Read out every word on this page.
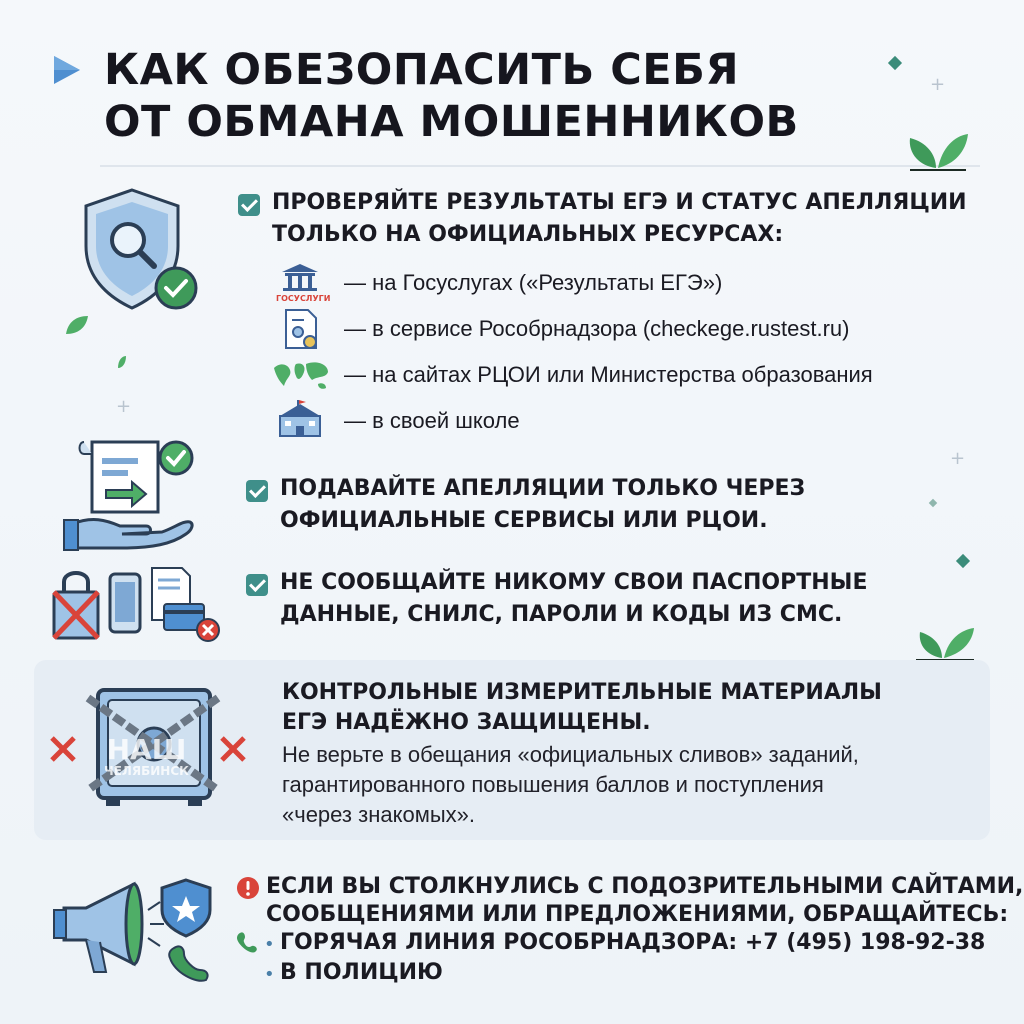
КАК ОБЕЗОПАСИТЬ СЕБЯ
ОТ ОБМАНА МОШЕННИКОВ
+
+
+
ПРОВЕРЯЙТЕ РЕЗУЛЬТАТЫ ЕГЭ И СТАТУС АПЕЛЛЯЦИИ
ТОЛЬКО НА ОФИЦИАЛЬНЫХ РЕСУРСАХ:
ГОСУСЛУГИ
— на Госуслугах («Результаты ЕГЭ»)
— в сервисе Рособрнадзора (checkege.rustest.ru)
— на сайтах РЦОИ или Министерства образования
— в своей школе
ПОДАВАЙТЕ АПЕЛЛЯЦИИ ТОЛЬКО ЧЕРЕЗ
ОФИЦИАЛЬНЫЕ СЕРВИСЫ ИЛИ РЦОИ.
НЕ СООБЩАЙТЕ НИКОМУ СВОИ ПАСПОРТНЫЕ
ДАННЫЕ, СНИЛС, ПАРОЛИ И КОДЫ ИЗ СМС.
НАШ
ЧЕЛЯБИНСК
КОНТРОЛЬНЫЕ ИЗМЕРИТЕЛЬНЫЕ МАТЕРИАЛЫ
ЕГЭ НАДЁЖНО ЗАЩИЩЕНЫ.
Не верьте в обещания «официальных сливов» заданий,
гарантированного повышения баллов и поступления
«через знакомых».
ЕСЛИ ВЫ СТОЛКНУЛИСЬ С ПОДОЗРИТЕЛЬНЫМИ САЙТАМИ,
СООБЩЕНИЯМИ ИЛИ ПРЕДЛОЖЕНИЯМИ, ОБРАЩАЙТЕСЬ:
• ГОРЯЧАЯ ЛИНИЯ РОСОБРНАДЗОРА: +7 (495) 198-92-38
• В ПОЛИЦИЮ
